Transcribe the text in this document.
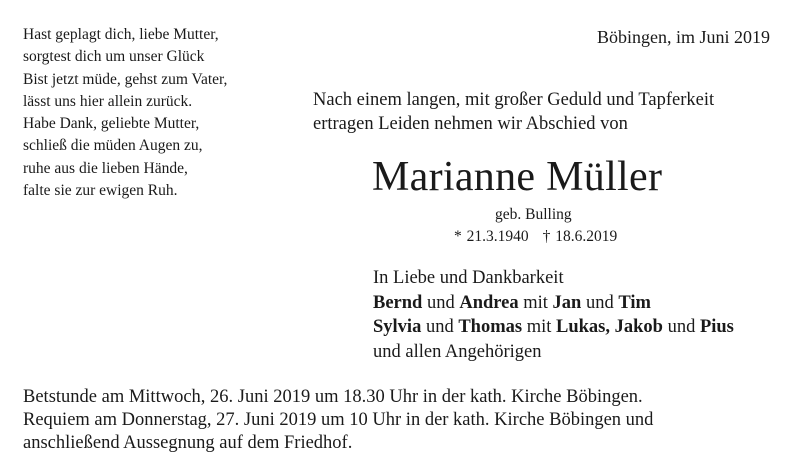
Hast geplagt dich, liebe Mutter,
sorgtest dich um unser Glück
Bist jetzt müde, gehst zum Vater,
lässt uns hier allein zurück.
Habe Dank, geliebte Mutter,
schließ die müden Augen zu,
ruhe aus die lieben Hände,
falte sie zur ewigen Ruh.
Böbingen, im Juni 2019
Nach einem langen, mit großer Geduld und Tapferkeit
ertragen Leiden nehmen wir Abschied von
Marianne Müller
geb. Bulling
* 21.3.1940 † 18.6.2019
In Liebe und Dankbarkeit
Bernd und Andrea mit Jan und Tim
Sylvia und Thomas mit Lukas, Jakob und Pius
und allen Angehörigen
Betstunde am Mittwoch, 26. Juni 2019 um 18.30 Uhr in der kath. Kirche Böbingen.
Requiem am Donnerstag, 27. Juni 2019 um 10 Uhr in der kath. Kirche Böbingen und
anschließend Aussegnung auf dem Friedhof.
